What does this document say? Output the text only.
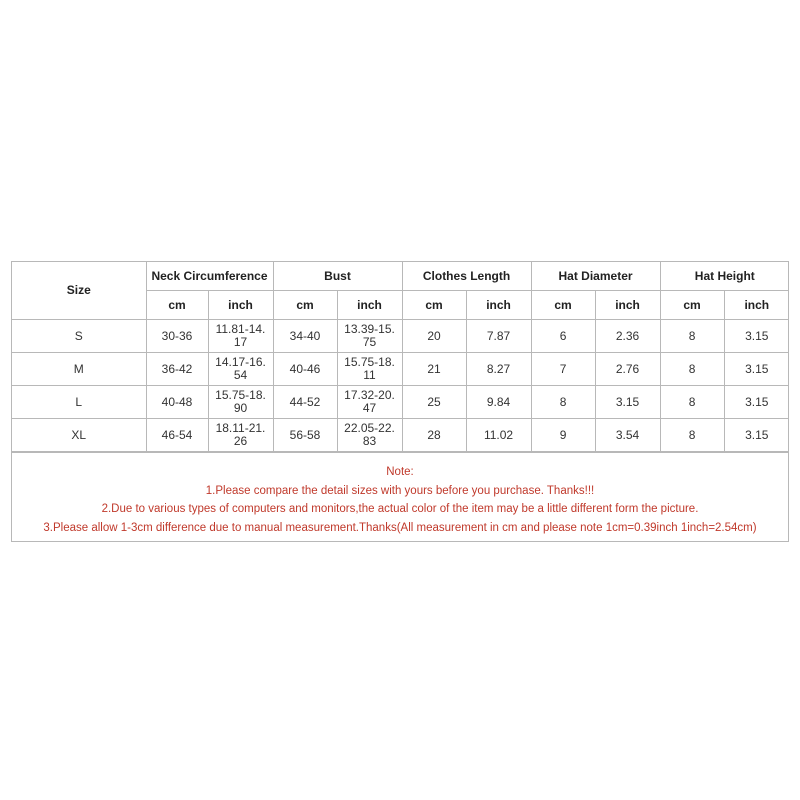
Size	Neck Circumference		Bust		Clothes Length		Hat Diameter		Hat Height	
	cm	inch	cm	inch	cm	inch	cm	inch	cm	inch
S	30-36	11.81-14.17	34-40	13.39-15.75	20	7.87	6	2.36	8	3.15
M	36-42	14.17-16.54	40-46	15.75-18.11	21	8.27	7	2.76	8	3.15
L	40-48	15.75-18.90	44-52	17.32-20.47	25	9.84	8	3.15	8	3.15
XL	46-54	18.11-21.26	56-58	22.05-22.83	28	11.02	9	3.54	8	3.15
Note:
1.Please compare the detail sizes with yours before you purchase. Thanks!!!
2.Due to various types of computers and monitors,the actual color of the item may be a little different form the picture.
3.Please allow 1-3cm difference due to manual measurement.Thanks(All measurement in cm and please note 1cm=0.39inch 1inch=2.54cm)
